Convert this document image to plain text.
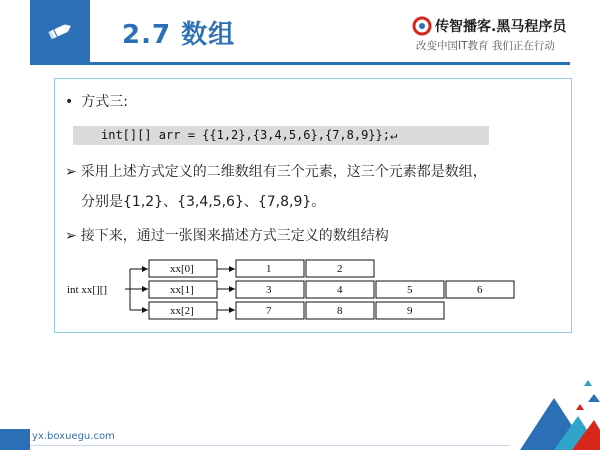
2.7 数组	传智播客.黑马程序员
改变中国IT教育 我们正在行动
• 方式三:
int[][] arr = {{1,2},{3,4,5,6},{7,8,9}};↵
➢ 采用上述方式定义的二维数组有三个元素，这三个元素都是数组，
分别是{1,2}、{3,4,5,6}、{7,8,9}。
➢ 接下来，通过一张图来描述方式三定义的数组结构
int xx[][]
xx[0]	1	2
xx[1]	3	4	5	6
xx[2]	7	8	9
yx.boxuegu.com
